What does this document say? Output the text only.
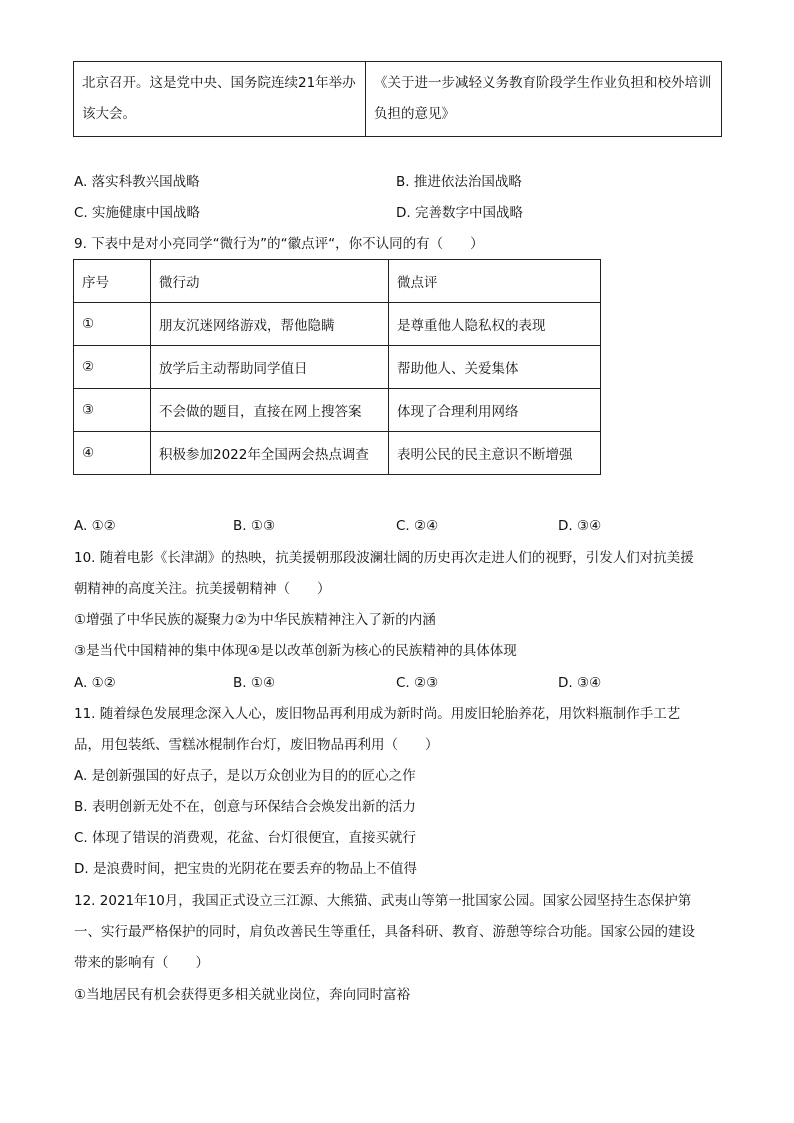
北京召开。这是党中央、国务院连续21年举办该大会。	《关于进一步减轻义务教育阶段学生作业负担和校外培训负担的意见》
A. 落实科教兴国战略	B. 推进依法治国战略
C. 实施健康中国战略	D. 完善数字中国战略
9. 下表中是对小亮同学“微行为”的“徽点评“，你不认同的有（　　）
序号	微行动	微点评
①	朋友沉迷网络游戏，帮他隐瞒	是尊重他人隐私权的表现
②	放学后主动帮助同学值日	帮助他人、关爱集体
③	不会做的题目，直接在网上搜答案	体现了合理利用网络
④	积极参加2022年全国两会热点调查	表明公民的民主意识不断增强
A. ①②	B. ①③	C. ②④	D. ③④
10. 随着电影《长津湖》的热映，抗美援朝那段波澜壮阔的历史再次走进人们的视野，引发人们对抗美援
朝精神的高度关注。抗美援朝精神（　　）
①增强了中华民族的凝聚力②为中华民族精神注入了新的内涵
③是当代中国精神的集中体现④是以改革创新为核心的民族精神的具体体现
A. ①②	B. ①④	C. ②③	D. ③④
11. 随着绿色发展理念深入人心，废旧物品再利用成为新时尚。用废旧轮胎养花，用饮料瓶制作手工艺
品，用包装纸、雪糕冰棍制作台灯，废旧物品再利用（　　）
A. 是创新强国的好点子，是以万众创业为目的的匠心之作
B. 表明创新无处不在，创意与环保结合会焕发出新的活力
C. 体现了错误的消费观，花盆、台灯很便宜，直接买就行
D. 是浪费时间，把宝贵的光阴花在要丢弃的物品上不值得
12. 2021年10月，我国正式设立三江源、大熊猫、武夷山等第一批国家公园。国家公园坚持生态保护第
一、实行最严格保护的同时，肩负改善民生等重任，具备科研、教育、游憩等综合功能。国家公园的建设
带来的影响有（　　）
①当地居民有机会获得更多相关就业岗位，奔向同时富裕
